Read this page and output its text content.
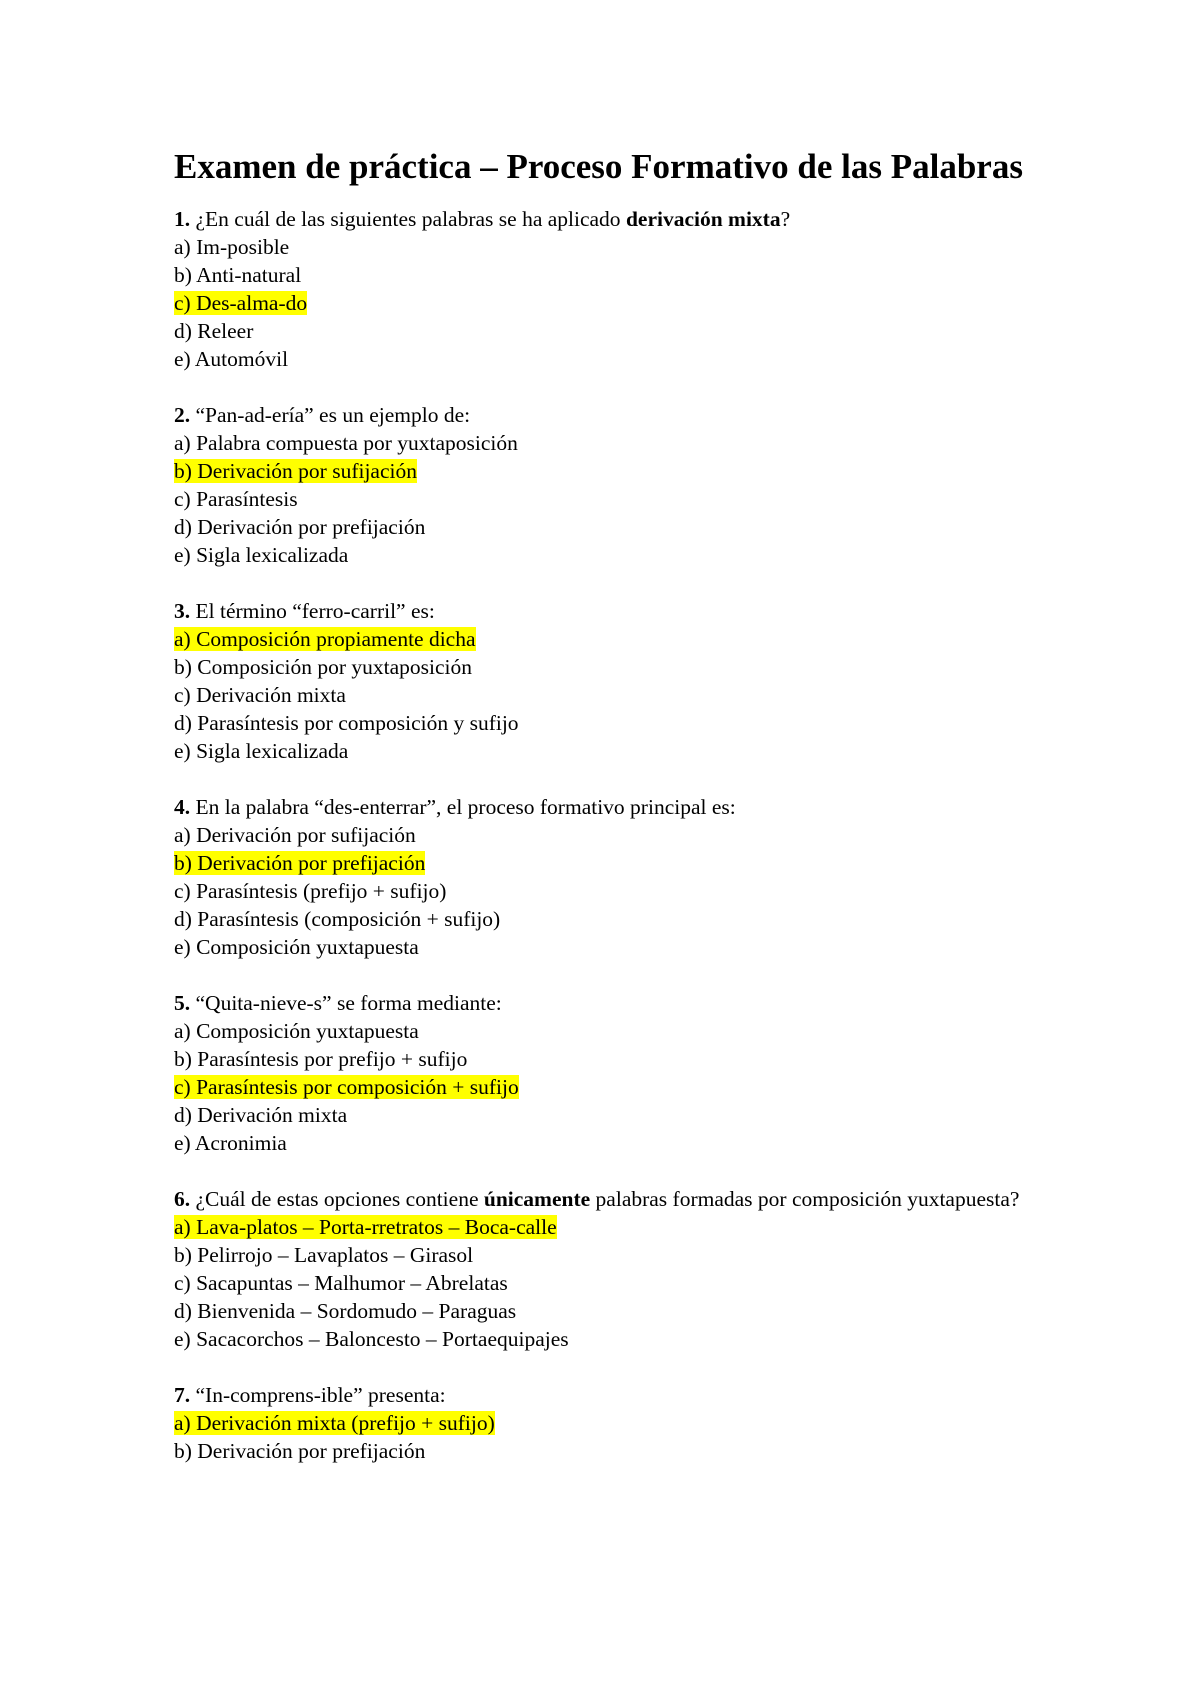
Examen de práctica – Proceso Formativo de las Palabras
1. ¿En cuál de las siguientes palabras se ha aplicado derivación mixta?
a) Im-posible
b) Anti-natural
c) Des-alma-do
d) Releer
e) Automóvil
2. “Pan-ad-ería” es un ejemplo de:
a) Palabra compuesta por yuxtaposición
b) Derivación por sufijación
c) Parasíntesis
d) Derivación por prefijación
e) Sigla lexicalizada
3. El término “ferro-carril” es:
a) Composición propiamente dicha
b) Composición por yuxtaposición
c) Derivación mixta
d) Parasíntesis por composición y sufijo
e) Sigla lexicalizada
4. En la palabra “des-enterrar”, el proceso formativo principal es:
a) Derivación por sufijación
b) Derivación por prefijación
c) Parasíntesis (prefijo + sufijo)
d) Parasíntesis (composición + sufijo)
e) Composición yuxtapuesta
5. “Quita-nieve-s” se forma mediante:
a) Composición yuxtapuesta
b) Parasíntesis por prefijo + sufijo
c) Parasíntesis por composición + sufijo
d) Derivación mixta
e) Acronimia
6. ¿Cuál de estas opciones contiene únicamente palabras formadas por composición yuxtapuesta?
a) Lava-platos – Porta-rretratos – Boca-calle
b) Pelirrojo – Lavaplatos – Girasol
c) Sacapuntas – Malhumor – Abrelatas
d) Bienvenida – Sordomudo – Paraguas
e) Sacacorchos – Baloncesto – Portaequipajes
7. “In-comprens-ible” presenta:
a) Derivación mixta (prefijo + sufijo)
b) Derivación por prefijación
